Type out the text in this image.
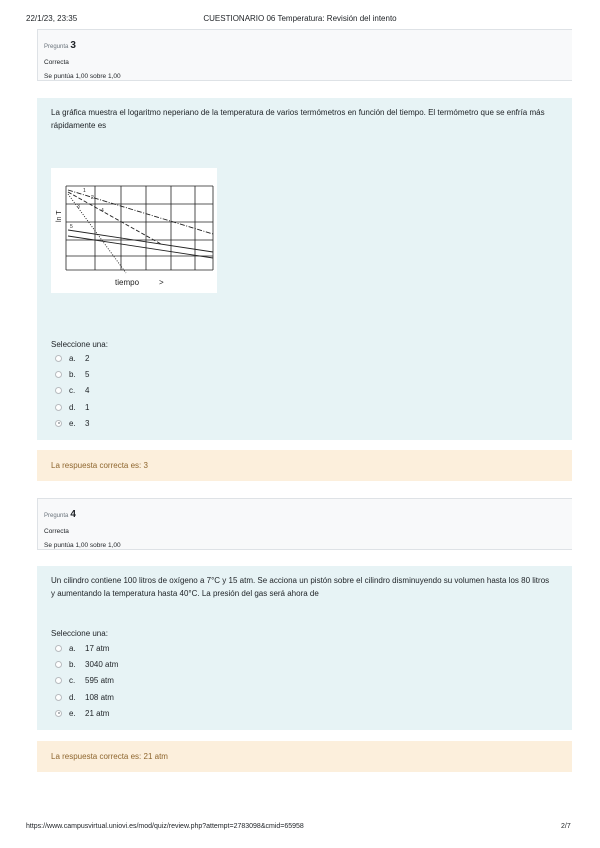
22/1/23, 23:35	CUESTIONARIO 06 Temperatura: Revisión del intento
Pregunta 3
Correcta
Se puntúa 1,00 sobre 1,00
La gráfica muestra el logaritmo neperiano de la temperatura de varios termómetros en función del tiempo. El termómetro que se enfría más
rápidamente es
ln T
1
2
3
4
5
tiempo >
Seleccione una:
a.	2
b.	5
c.	4
d.	1
e.	3
La respuesta correcta es: 3
Pregunta 4
Correcta
Se puntúa 1,00 sobre 1,00
Un cilindro contiene 100 litros de oxígeno a 7°C y 15 atm. Se acciona un pistón sobre el cilindro disminuyendo su volumen hasta los 80 litros
y aumentando la temperatura hasta 40°C. La presión del gas será ahora de
Seleccione una:
a.	17 atm
b.	3040 atm
c.	595 atm
d.	108 atm
e.	21 atm
La respuesta correcta es: 21 atm
https://www.campusvirtual.uniovi.es/mod/quiz/review.php?attempt=2783098&cmid=65958	2/7
